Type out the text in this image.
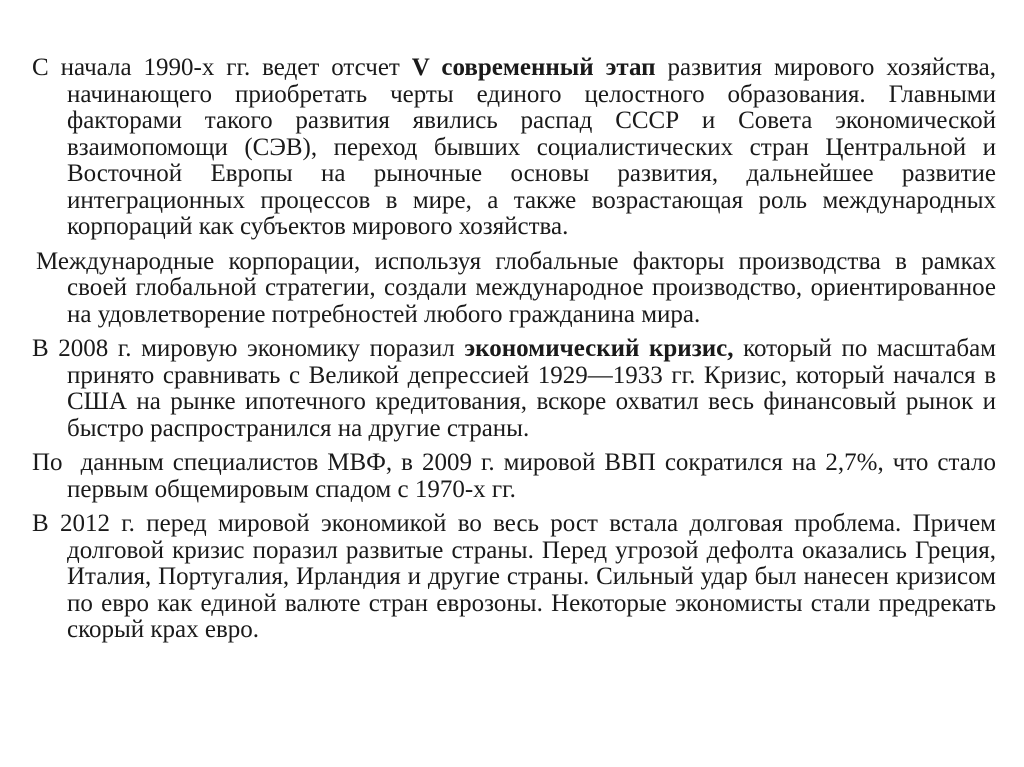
С начала 1990-х гг. ведет отсчет V современный этап развития мирового хозяйства, начинающего приобретать черты единого целостного образования. Главными факторами такого развития явились распад СССР и Совета экономической взаимопомощи (СЭВ), переход бывших социалистических стран Центральной и Восточной Европы на рыночные основы развития, дальнейшее развитие интеграционных процессов в мире, а также возрастающая роль международных корпораций как субъектов мирового хозяйства.

Международные корпорации, используя глобальные факторы производства в рамках своей глобальной стратегии, создали международное производство, ориентированное на удовлетворение потребностей любого гражданина мира.

В 2008 г. мировую экономику поразил экономический кризис, который по масштабам принято сравнивать с Великой депрессией 1929—1933 гг. Кризис, который начался в США на рынке ипотечного кредитования, вскоре охватил весь финансовый рынок и быстро распространился на другие страны.

По  данным специалистов МВФ, в 2009 г. мировой ВВП сократился на 2,7%, что стало первым общемировым спадом с 1970-х гг.

В 2012 г. перед мировой экономикой во весь рост встала долговая проблема. Причем долговой кризис поразил развитые страны. Перед угрозой дефолта оказались Греция, Италия, Португалия, Ирландия и другие страны. Сильный удар был нанесен кризисом по евро как единой валюте стран еврозоны. Некоторые экономисты стали предрекать скорый крах евро.
